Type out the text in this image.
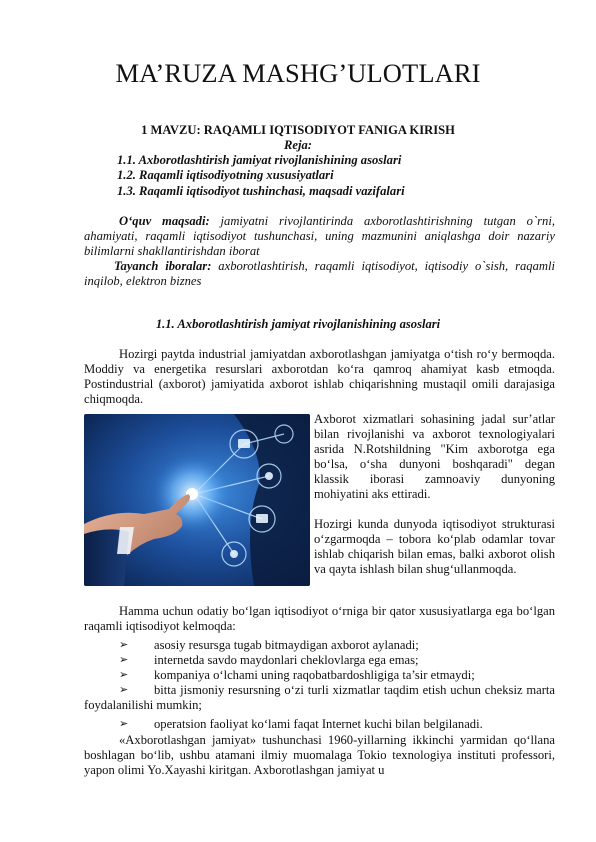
MA’RUZA MASHG’ULOTLARI
1 MAVZU: RAQAMLI IQTISODIYOT FANIGA KIRISH
Reja:
1.1. Axborotlashtirish jamiyat rivojlanishining asoslari
1.2. Raqamli iqtisodiyotning xususiyatlari
1.3. Raqamli iqtisodiyot tushinchasi, maqsadi vazifalari

O‘quv maqsadi: jamiyatni rivojlantirinda axborotlashtirishning tutgan o`rni, ahamiyati, raqamli iqtisodiyot tushunchasi, uning mazmunini aniqlashga doir nazariy bilimlarni shakllantirishdan iborat

Tayanch iboralar: axborotlashtirish, raqamli iqtisodiyot, iqtisodiy o`sish, raqamli inqilob, elektron biznes

1.1. Axborotlashtirish jamiyat rivojlanishining asoslari

Hozirgi paytda industrial jamiyatdan axborotlashgan jamiyatga o‘tish ro‘y bermoqda. Moddiy va energetika resurslari axborotdan ko‘ra qamroq ahamiyat kasb etmoqda. Postindustrial (axborot) jamiyatida axborot ishlab chiqarishning mustaqil omili darajasiga chiqmoqda.

Axborot xizmatlari sohasining jadal sur’atlar bilan rivojlanishi va axborot texnologiyalari asrida N.Rotshildning "Kim axborotga ega bo‘lsa, o‘sha dunyoni boshqaradi" degan klassik iborasi zamnoaviy dunyoning mohiyatini aks ettiradi.

Hozirgi kunda dunyoda iqtisodiyot strukturasi o‘zgarmoqda – tobora ko‘plab odamlar tovar ishlab chiqarish bilan emas, balki axborot olish va qayta ishlash bilan shug‘ullanmoqda.

Hamma uchun odatiy bo‘lgan iqtisodiyot o‘rniga bir qator xususiyatlarga ega bo‘lgan raqamli iqtisodiyot kelmoqda:

➢	asosiy resursga tugab bitmaydigan axborot aylanadi;
➢	internetda savdo maydonlari cheklovlarga ega emas;
➢	kompaniya o‘lchami uning raqobatbardoshligiga ta’sir etmaydi;
➢	bitta jismoniy resursning o‘zi turli xizmatlar taqdim etish uchun cheksiz marta foydalanilishi mumkin;

➢	operatsion faoliyat ko‘lami faqat Internet kuchi bilan belgilanadi.

«Axborotlashgan jamiyat» tushunchasi 1960-yillarning ikkinchi yarmidan qo‘llana boshlagan bo‘lib, ushbu atamani ilmiy muomalaga Tokio texnologiya instituti professori, yapon olimi Yo.Xayashi kiritgan. Axborotlashgan jamiyat u
